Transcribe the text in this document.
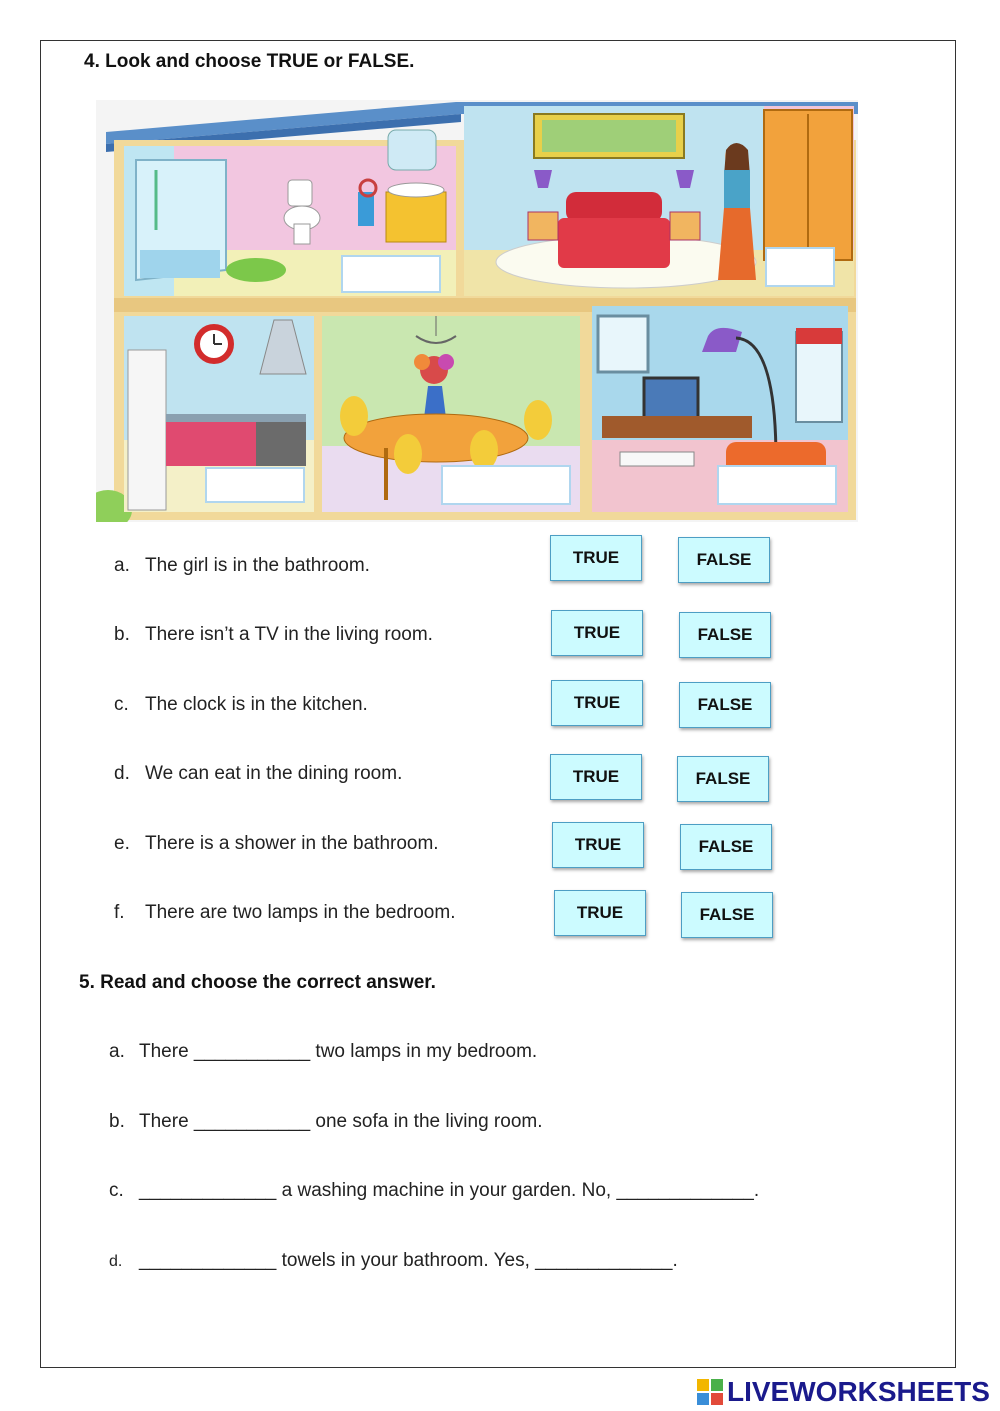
4. Look and choose TRUE or FALSE.
a. The girl is in the bathroom.	TRUE	FALSE
b. There isn’t a TV in the living room.	TRUE	FALSE
c. The clock is in the kitchen.	TRUE	FALSE
d. We can eat in the dining room.	TRUE	FALSE
e. There is a shower in the bathroom.	TRUE	FALSE
f. There are two lamps in the bedroom.	TRUE	FALSE
5. Read and choose the correct answer.
a. There ___________ two lamps in my bedroom.
b. There ___________ one sofa in the living room.
c. _____________ a washing machine in your garden. No, _____________.
d. _____________ towels in your bathroom. Yes, _____________.
LIVEWORKSHEETS
